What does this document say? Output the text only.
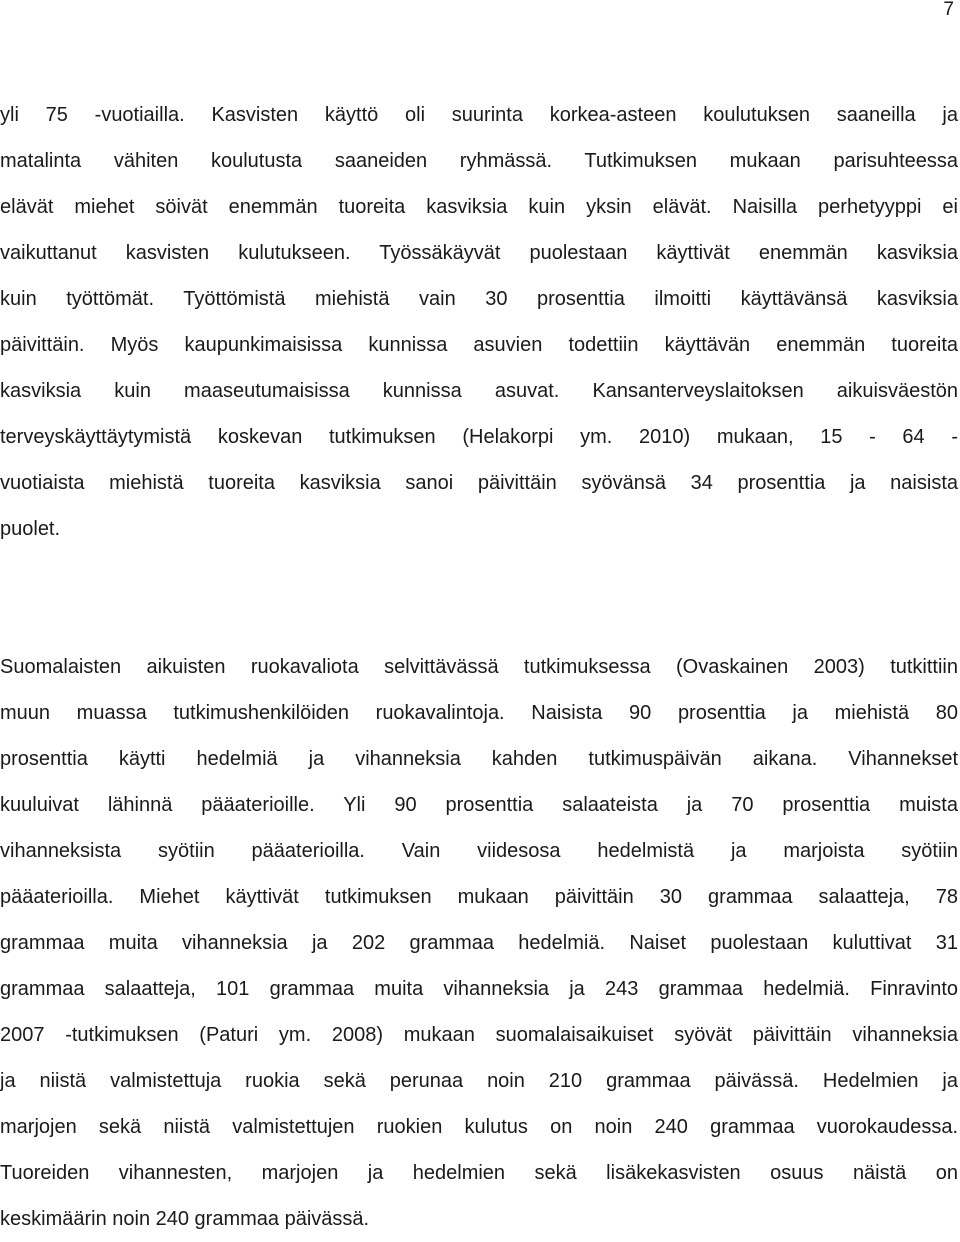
7
yli 75 -vuotiailla. Kasvisten käyttö oli suurinta korkea-asteen koulutuksen saaneilla ja
matalinta vähiten koulutusta saaneiden ryhmässä. Tutkimuksen mukaan parisuhteessa
elävät miehet söivät enemmän tuoreita kasviksia kuin yksin elävät. Naisilla perhetyyppi ei
vaikuttanut kasvisten kulutukseen. Työssäkäyvät puolestaan käyttivät enemmän kasviksia
kuin työttömät. Työttömistä miehistä vain 30 prosenttia ilmoitti käyttävänsä kasviksia
päivittäin. Myös kaupunkimaisissa kunnissa asuvien todettiin käyttävän enemmän tuoreita
kasviksia kuin maaseutumaisissa kunnissa asuvat. Kansanterveyslaitoksen aikuisväestön
terveyskäyttäytymistä koskevan tutkimuksen (Helakorpi ym. 2010) mukaan, 15 - 64 -
vuotiaista miehistä tuoreita kasviksia sanoi päivittäin syövänsä 34 prosenttia ja naisista
puolet.
Suomalaisten aikuisten ruokavaliota selvittävässä tutkimuksessa (Ovaskainen 2003) tutkittiin
muun muassa tutkimushenkilöiden ruokavalintoja. Naisista 90 prosenttia ja miehistä 80
prosenttia käytti hedelmiä ja vihanneksia kahden tutkimuspäivän aikana. Vihannekset
kuuluivat lähinnä pääaterioille. Yli 90 prosenttia salaateista ja 70 prosenttia muista
vihanneksista syötiin pääaterioilla. Vain viidesosa hedelmistä ja marjoista syötiin
pääaterioilla. Miehet käyttivät tutkimuksen mukaan päivittäin 30 grammaa salaatteja, 78
grammaa muita vihanneksia ja 202 grammaa hedelmiä. Naiset puolestaan kuluttivat 31
grammaa salaatteja, 101 grammaa muita vihanneksia ja 243 grammaa hedelmiä. Finravinto
2007 -tutkimuksen (Paturi ym. 2008) mukaan suomalaisaikuiset syövät päivittäin vihanneksia
ja niistä valmistettuja ruokia sekä perunaa noin 210 grammaa päivässä. Hedelmien ja
marjojen sekä niistä valmistettujen ruokien kulutus on noin 240 grammaa vuorokaudessa.
Tuoreiden vihannesten, marjojen ja hedelmien sekä lisäkekasvisten osuus näistä on
keskimäärin noin 240 grammaa päivässä.
